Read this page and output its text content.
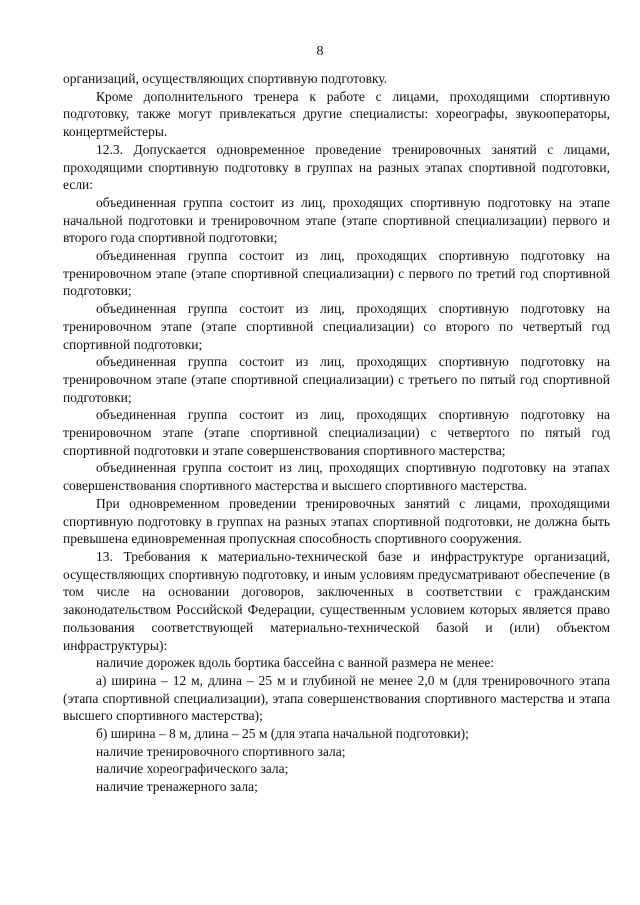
8

организаций, осуществляющих спортивную подготовку.

Кроме дополнительного тренера к работе с лицами, проходящими спортивную подготовку, также могут привлекаться другие специалисты: хореографы, звукооператоры, концертмейстеры.

12.3. Допускается одновременное проведение тренировочных занятий с лицами, проходящими спортивную подготовку в группах на разных этапах спортивной подготовки, если:

объединенная группа состоит из лиц, проходящих спортивную подготовку на этапе начальной подготовки и тренировочном этапе (этапе спортивной специализации) первого и второго года спортивной подготовки;

объединенная группа состоит из лиц, проходящих спортивную подготовку на тренировочном этапе (этапе спортивной специализации) с первого по третий год спортивной подготовки;

объединенная группа состоит из лиц, проходящих спортивную подготовку на тренировочном этапе (этапе спортивной специализации) со второго по четвертый год спортивной подготовки;

объединенная группа состоит из лиц, проходящих спортивную подготовку на тренировочном этапе (этапе спортивной специализации) с третьего по пятый год спортивной подготовки;

объединенная группа состоит из лиц, проходящих спортивную подготовку на тренировочном этапе (этапе спортивной специализации) с четвертого по пятый год спортивной подготовки и этапе совершенствования спортивного мастерства;

объединенная группа состоит из лиц, проходящих спортивную подготовку на этапах совершенствования спортивного мастерства и высшего спортивного мастерства.

При одновременном проведении тренировочных занятий с лицами, проходящими спортивную подготовку в группах на разных этапах спортивной подготовки, не должна быть превышена единовременная пропускная способность спортивного сооружения.

13. Требования к материально-технической базе и инфраструктуре организаций, осуществляющих спортивную подготовку, и иным условиям предусматривают обеспечение (в том числе на основании договоров, заключенных в соответствии с гражданским законодательством Российской Федерации, существенным условием которых является право пользования соответствующей материально-технической базой и (или) объектом инфраструктуры):

наличие дорожек вдоль бортика бассейна с ванной размера не менее:

а) ширина – 12 м, длина – 25 м и глубиной не менее 2,0 м (для тренировочного этапа (этапа спортивной специализации), этапа совершенствования спортивного мастерства и этапа высшего спортивного мастерства);

б) ширина – 8 м, длина – 25 м (для этапа начальной подготовки);

наличие тренировочного спортивного зала;

наличие хореографического зала;

наличие тренажерного зала;
